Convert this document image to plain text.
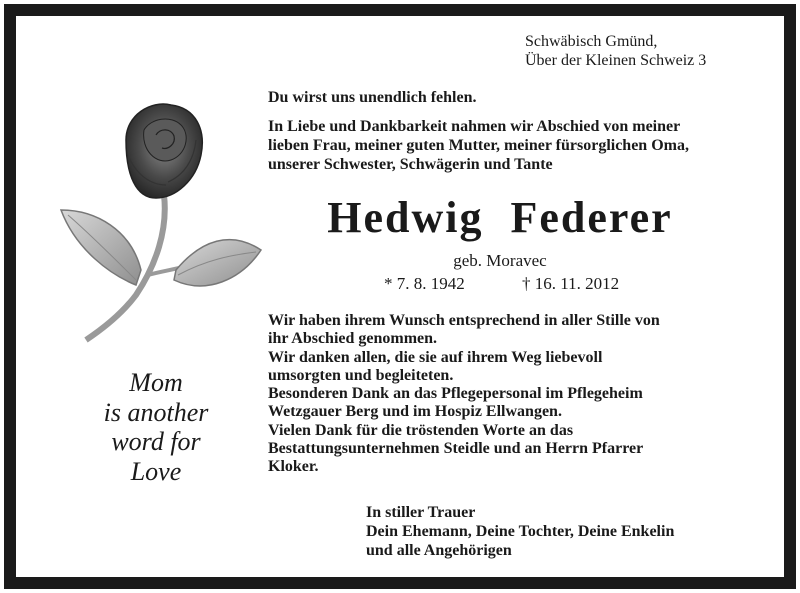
Mom
is another
word for
Love
Schwäbisch Gmünd,
Über der Kleinen Schweiz 3
Du wirst uns unendlich fehlen.
In Liebe und Dankbarkeit nahmen wir Abschied von meiner
lieben Frau, meiner guten Mutter, meiner fürsorglichen Oma,
unserer Schwester, Schwägerin und Tante
Hedwig Federer
geb. Moravec
* 7. 8. 1942	† 16. 11. 2012
Wir haben ihrem Wunsch entsprechend in aller Stille von
ihr Abschied genommen.
Wir danken allen, die sie auf ihrem Weg liebevoll
umsorgten und begleiteten.
Besonderen Dank an das Pflegepersonal im Pflegeheim
Wetzgauer Berg und im Hospiz Ellwangen.
Vielen Dank für die tröstenden Worte an das
Bestattungsunternehmen Steidle und an Herrn Pfarrer
Kloker.
In stiller Trauer
Dein Ehemann, Deine Tochter, Deine Enkelin
und alle Angehörigen
